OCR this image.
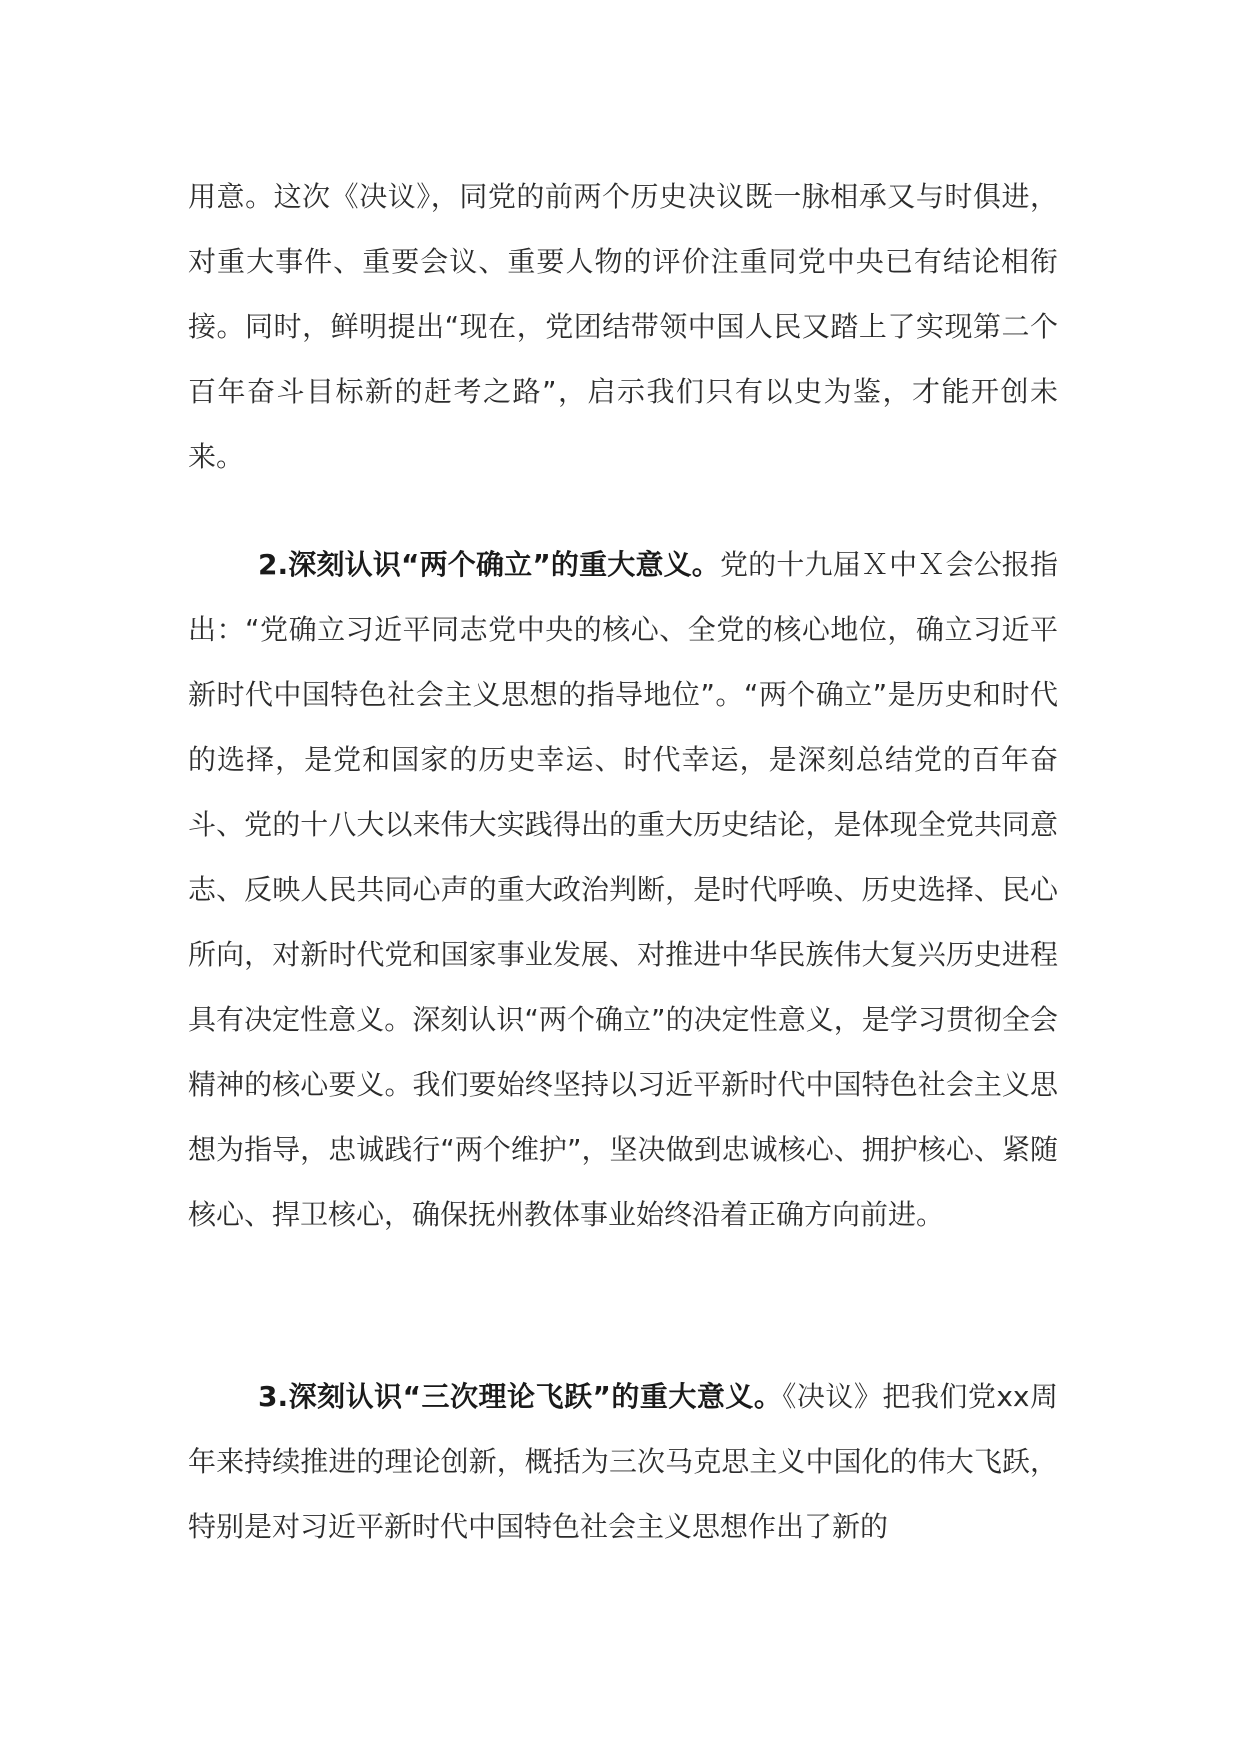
用意。这次《决议》，同党的前两个历史决议既一脉相承又与时俱进，对重大事件、重要会议、重要人物的评价注重同党中央已有结论相衔接。同时，鲜明提出“现在，党团结带领中国人民又踏上了实现第二个百年奋斗目标新的赶考之路”，启示我们只有以史为鉴，才能开创未来。

2.深刻认识“两个确立”的重大意义。党的十九届Ｘ中Ｘ会公报指出：“党确立习近平同志党中央的核心、全党的核心地位，确立习近平新时代中国特色社会主义思想的指导地位”。“两个确立”是历史和时代的选择，是党和国家的历史幸运、时代幸运，是深刻总结党的百年奋斗、党的十八大以来伟大实践得出的重大历史结论，是体现全党共同意志、反映人民共同心声的重大政治判断，是时代呼唤、历史选择、民心所向，对新时代党和国家事业发展、对推进中华民族伟大复兴历史进程具有决定性意义。深刻认识“两个确立”的决定性意义，是学习贯彻全会精神的核心要义。我们要始终坚持以习近平新时代中国特色社会主义思想为指导，忠诚践行“两个维护”，坚决做到忠诚核心、拥护核心、紧随核心、捍卫核心，确保抚州教体事业始终沿着正确方向前进。

3.深刻认识“三次理论飞跃”的重大意义。《决议》把我们党xx周年来持续推进的理论创新，概括为三次马克思主义中国化的伟大飞跃，特别是对习近平新时代中国特色社会主义思想作出了新的
